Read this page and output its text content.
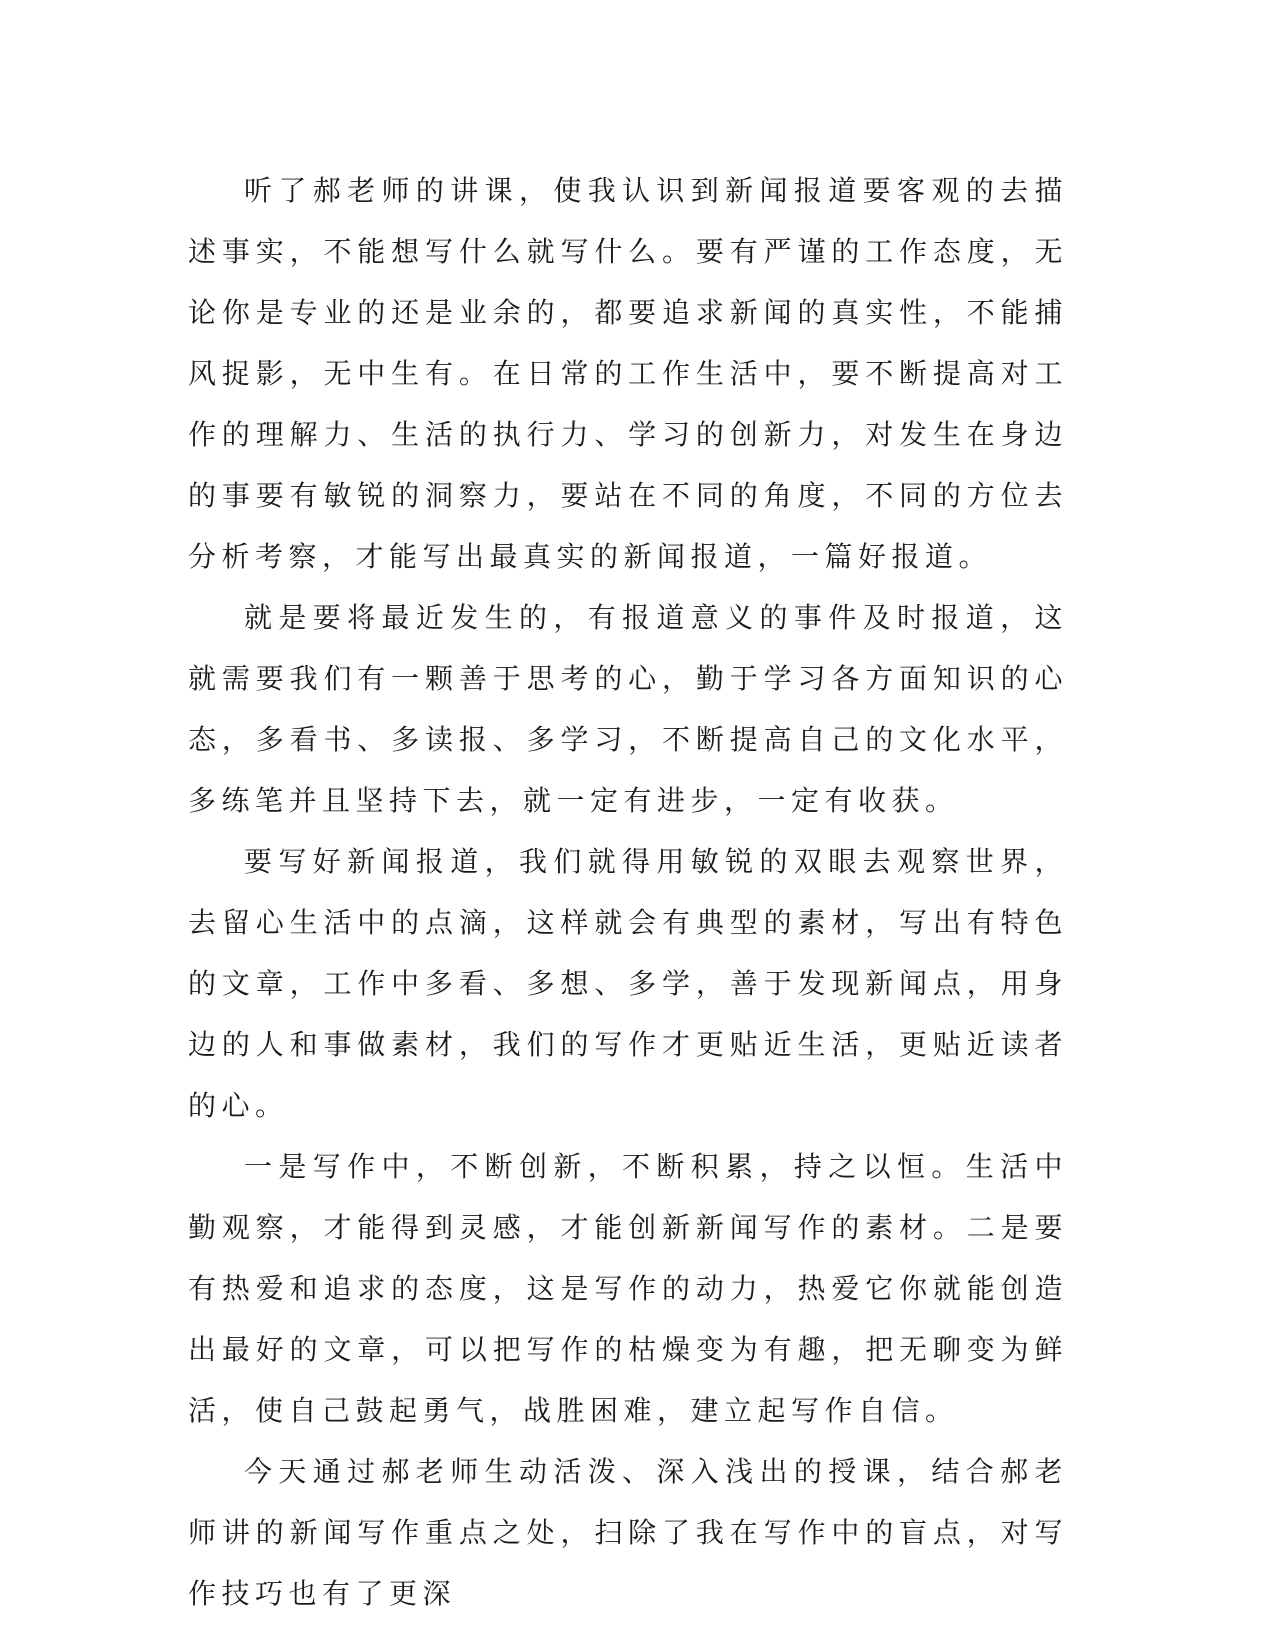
听了郝老师的讲课，使我认识到新闻报道要客观的去描述事实，不能想写什么就写什么。要有严谨的工作态度，无论你是专业的还是业余的，都要追求新闻的真实性，不能捕风捉影，无中生有。在日常的工作生活中，要不断提高对工作的理解力、生活的执行力、学习的创新力，对发生在身边的事要有敏锐的洞察力，要站在不同的角度，不同的方位去分析考察，才能写出最真实的新闻报道，一篇好报道。

就是要将最近发生的，有报道意义的事件及时报道，这就需要我们有一颗善于思考的心，勤于学习各方面知识的心态，多看书、多读报、多学习，不断提高自己的文化水平，多练笔并且坚持下去，就一定有进步，一定有收获。

要写好新闻报道，我们就得用敏锐的双眼去观察世界，去留心生活中的点滴，这样就会有典型的素材，写出有特色的文章，工作中多看、多想、多学，善于发现新闻点，用身边的人和事做素材，我们的写作才更贴近生活，更贴近读者的心。

一是写作中，不断创新，不断积累，持之以恒。生活中勤观察，才能得到灵感，才能创新新闻写作的素材。二是要有热爱和追求的态度，这是写作的动力，热爱它你就能创造出最好的文章，可以把写作的枯燥变为有趣，把无聊变为鲜活，使自己鼓起勇气，战胜困难，建立起写作自信。

今天通过郝老师生动活泼、深入浅出的授课，结合郝老师讲的新闻写作重点之处，扫除了我在写作中的盲点，对写作技巧也有了更深
